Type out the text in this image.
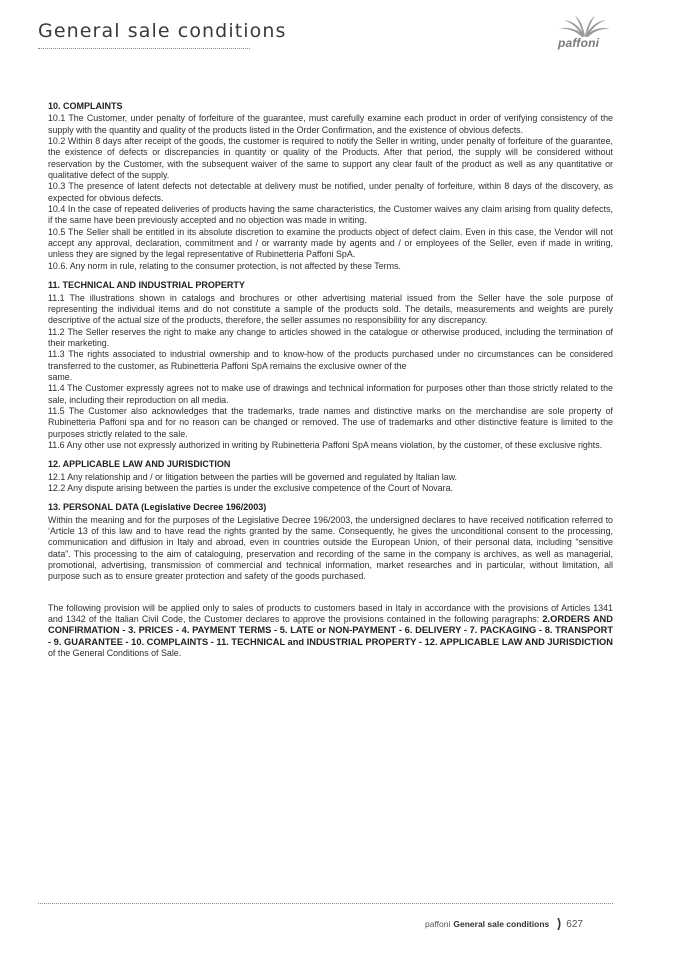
General sale conditions
paffoni
10. COMPLAINTS

10.1 The Customer, under penalty of forfeiture of the guarantee, must carefully examine each product in order of verifying consistency of the supply with the quantity and quality of the products listed in the Order Confirmation, and the existence of obvious defects.

10.2 Within 8 days after receipt of the goods, the customer is required to notify the Seller in writing, under penalty of forfeiture of the guarantee, the existence of defects or discrepancies in quantity or quality of the Products. After that period, the supply will be considered without reservation by the Customer, with the subsequent waiver of the same to support any clear fault of the product as well as any quantitative or qualitative defect of the supply.

10.3 The presence of latent defects not detectable at delivery must be notified, under penalty of forfeiture, within 8 days of the discovery, as expected for obvious defects.

10.4 In the case of repeated deliveries of products having the same characteristics, the Customer waives any claim arising from quality defects, if the same have been previously accepted and no objection was made in writing.

10.5 The Seller shall be entitled in its absolute discretion to examine the products object of defect claim. Even in this case, the Vendor will not accept any approval, declaration, commitment and / or warranty made by agents and / or employees of the Seller, even if made in writing, unless they are signed by the legal representative of Rubinetteria Paffoni SpA.

10.6. Any norm in rule, relating to the consumer protection, is not affected by these Terms.

11. TECHNICAL AND INDUSTRIAL PROPERTY

11.1 The illustrations shown in catalogs and brochures or other advertising material issued from the Seller have the sole purpose of representing the individual items and do not constitute a sample of the products sold. The details, measurements and weights are purely descriptive of the actual size of the products, therefore, the seller assumes no responsibility for any discrepancy.

11.2 The Seller reserves the right to make any change to articles showed in the catalogue or otherwise produced, including the termination of their marketing.

11.3 The rights associated to industrial ownership and to know-how of the products purchased under no circumstances can be considered transferred to the customer, as Rubinetteria Paffoni SpA remains the exclusive owner of the

same.

11.4 The Customer expressly agrees not to make use of drawings and technical information for purposes other than those strictly related to the sale, including their reproduction on all media.

11.5 The Customer also acknowledges that the trademarks, trade names and distinctive marks on the merchandise are sole property of Rubinetteria Paffoni spa and for no reason can be changed or removed. The use of trademarks and other distinctive feature is limited to the purposes strictly related to the sale.

11.6 Any other use not expressly authorized in writing by Rubinetteria Paffoni SpA means violation, by the customer, of these exclusive rights.

12. APPLICABLE LAW AND JURISDICTION

12.1 Any relationship and / or litigation between the parties will be governed and regulated by Italian law.

12.2 Any dispute arising between the parties is under the exclusive competence of the Court of Novara.

13. PERSONAL DATA (Legislative Decree 196/2003)

Within the meaning and for the purposes of the Legislative Decree 196/2003, the undersigned declares to have received notification referred to ‘Article 13 of this law and to have read the rights granted by the same. Consequently, he gives the unconditional consent to the processing, communication and diffusion in Italy and abroad, even in countries outside the European Union, of their personal data, including “sensitive data”. This processing to the aim of cataloguing, preservation and recording of the same in the company is archives, as well as managerial, promotional, advertising, transmission of commercial and technical information, market researches and in particular, without limitation, all purpose such as to ensure greater protection and safety of the goods purchased.

The following provision will be applied only to sales of products to customers based in Italy in accordance with the provisions of Articles 1341 and 1342 of the Italian Civil Code, the Customer declares to approve the provisions contained in the following paragraphs: 2.ORDERS AND CONFIRMATION - 3. PRICES - 4. PAYMENT TERMS - 5. LATE or NON-PAYMENT - 6. DELIVERY - 7. PACKAGING - 8. TRANSPORT - 9. GUARANTEE - 10. COMPLAINTS - 11. TECHNICAL and INDUSTRIAL PROPERTY - 12. APPLICABLE LAW AND JURISDICTION of the General Conditions of Sale.

paffoni General sale conditions 627
